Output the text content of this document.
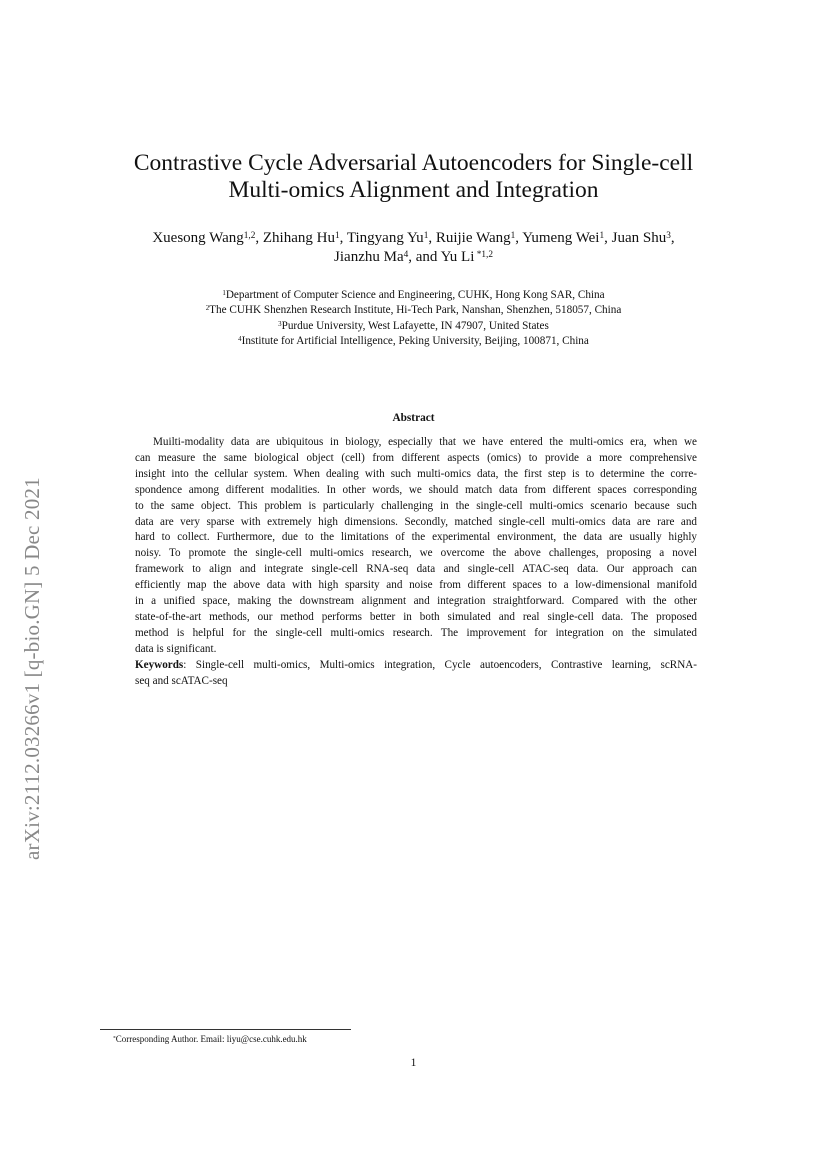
arXiv:2112.03266v1 [q-bio.GN] 5 Dec 2021
Contrastive Cycle Adversarial Autoencoders for Single-cell
Multi-omics Alignment and Integration
Xuesong Wang$^{1,2}$, Zhihang Hu$^1$, Tingyang Yu$^1$, Ruijie Wang$^1$, Yumeng Wei$^1$, Juan Shu$^3$,
Jianzhu Ma$^4$, and Yu Li $^{*1,2}$
$^1$Department of Computer Science and Engineering, CUHK, Hong Kong SAR, China
$^2$The CUHK Shenzhen Research Institute, Hi-Tech Park, Nanshan, Shenzhen, 518057, China
$^3$Purdue University, West Lafayette, IN 47907, United States
$^4$Institute for Artificial Intelligence, Peking University, Beijing, 100871, China
Abstract
Muilti-modality data are ubiquitous in biology, especially that we have entered the multi-omics era, when we
can measure the same biological object (cell) from different aspects (omics) to provide a more comprehensive
insight into the cellular system. When dealing with such multi-omics data, the first step is to determine the corre-
spondence among different modalities. In other words, we should match data from different spaces corresponding
to the same object. This problem is particularly challenging in the single-cell multi-omics scenario because such
data are very sparse with extremely high dimensions. Secondly, matched single-cell multi-omics data are rare and
hard to collect. Furthermore, due to the limitations of the experimental environment, the data are usually highly
noisy. To promote the single-cell multi-omics research, we overcome the above challenges, proposing a novel
framework to align and integrate single-cell RNA-seq data and single-cell ATAC-seq data. Our approach can
efficiently map the above data with high sparsity and noise from different spaces to a low-dimensional manifold
in a unified space, making the downstream alignment and integration straightforward. Compared with the other
state-of-the-art methods, our method performs better in both simulated and real single-cell data. The proposed
method is helpful for the single-cell multi-omics research. The improvement for integration on the simulated
data is significant.
Keywords: Single-cell multi-omics, Multi-omics integration, Cycle autoencoders, Contrastive learning, scRNA-
seq and scATAC-seq
*Corresponding Author. Email: liyu@cse.cuhk.edu.hk
1
